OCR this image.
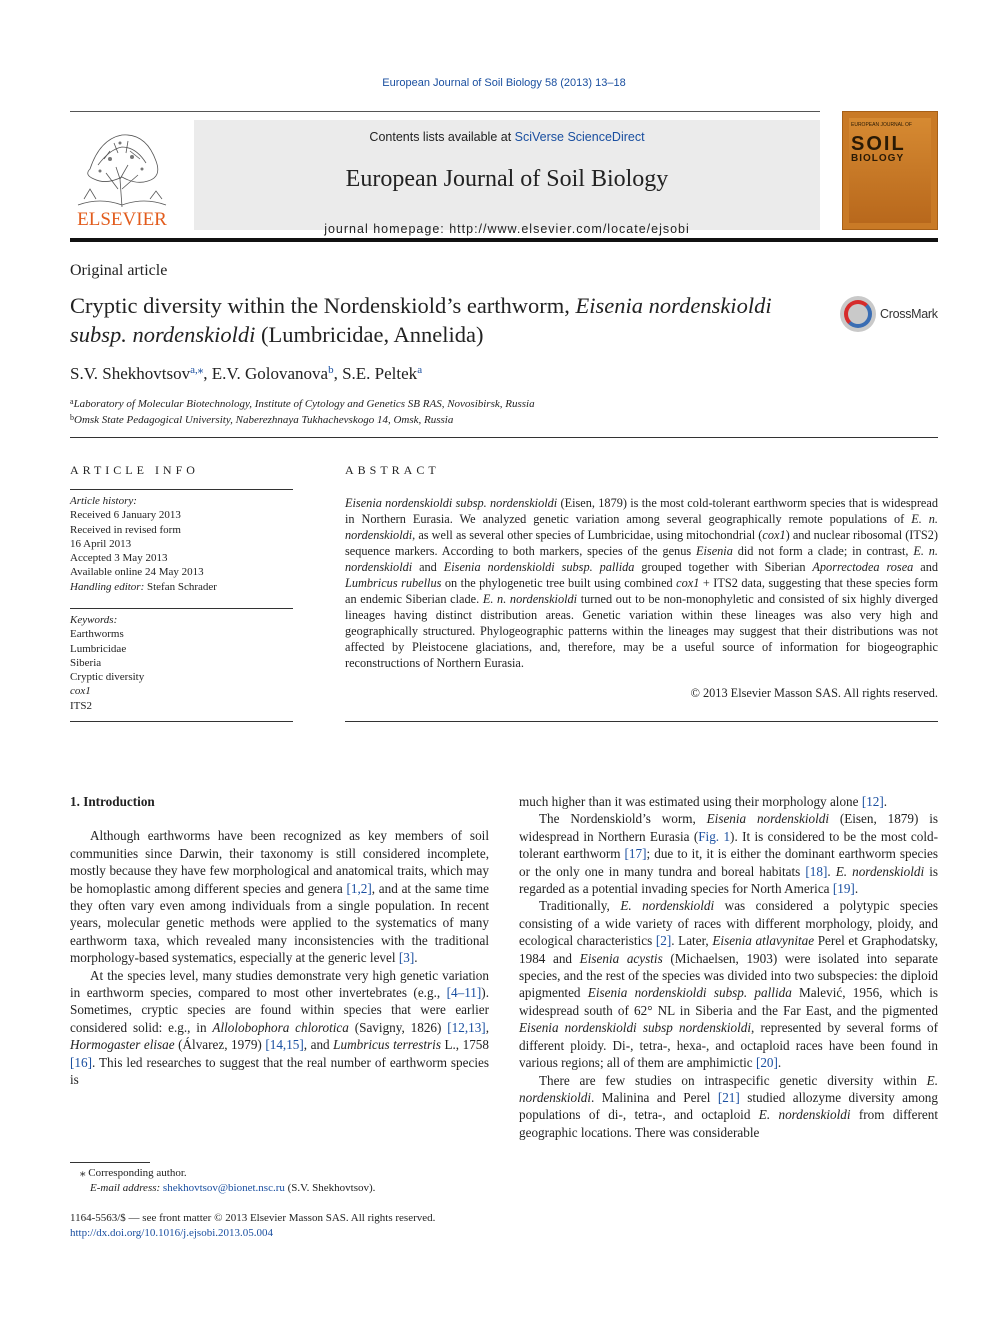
European Journal of Soil Biology 58 (2013) 13–18
ELSEVIER
Contents lists available at SciVerse ScienceDirect
European Journal of Soil Biology
journal homepage: http://www.elsevier.com/locate/ejsobi
EUROPEAN JOURNAL OF
SOIL
BIOLOGY
Original article
Cryptic diversity within the Nordenskiold’s earthworm, Eisenia nordenskioldi subsp. nordenskioldi (Lumbricidae, Annelida)
CrossMark
S.V. Shekhovtsov$^{a,⁎}$, E.V. Golovanova$^b$, S.E. Peltek$^a$
$^a$Laboratory of Molecular Biotechnology, Institute of Cytology and Genetics SB RAS, Novosibirsk, Russia
$^b$Omsk State Pedagogical University, Naberezhnaya Tukhachevskogo 14, Omsk, Russia
ARTICLE INFO
Article history:
Received 6 January 2013
Received in revised form
16 April 2013
Accepted 3 May 2013
Available online 24 May 2013
Handling editor: Stefan Schrader
Keywords:
Earthworms
Lumbricidae
Siberia
Cryptic diversity
cox1
ITS2
ABSTRACT
Eisenia nordenskioldi subsp. nordenskioldi (Eisen, 1879) is the most cold-tolerant earthworm species that is widespread in Northern Eurasia. We analyzed genetic variation among several geographically remote populations of E. n. nordenskioldi, as well as several other species of Lumbricidae, using mitochondrial (cox1) and nuclear ribosomal (ITS2) sequence markers. According to both markers, species of the genus Eisenia did not form a clade; in contrast, E. n. nordenskioldi and Eisenia nordenskioldi subsp. pallida grouped together with Siberian Aporrectodea rosea and Lumbricus rubellus on the phylogenetic tree built using combined cox1 + ITS2 data, suggesting that these species form an endemic Siberian clade. E. n. nordenskioldi turned out to be non-monophyletic and consisted of six highly diverged lineages having distinct distribution areas. Genetic variation within these lineages was also very high and geographically structured. Phylogeographic patterns within the lineages may suggest that their distributions was not affected by Pleistocene glaciations, and, therefore, may be a useful source of information for biogeographic reconstructions of Northern Eurasia.
© 2013 Elsevier Masson SAS. All rights reserved.

1. Introduction

Although earthworms have been recognized as key members of soil communities since Darwin, their taxonomy is still considered incomplete, mostly because they have few morphological and anatomical traits, which may be homoplastic among different species and genera [1,2], and at the same time they often vary even among individuals from a single population. In recent years, molecular genetic methods were applied to the systematics of many earthworm taxa, which revealed many inconsistencies with the traditional morphology-based systematics, especially at the generic level [3].

At the species level, many studies demonstrate very high genetic variation in earthworm species, compared to most other invertebrates (e.g., [4–11]). Sometimes, cryptic species are found within species that were earlier considered solid: e.g., in Allolobophora chlorotica (Savigny, 1826) [12,13], Hormogaster elisae (Álvarez, 1979) [14,15], and Lumbricus terrestris L., 1758 [16]. This led researches to suggest that the real number of earthworm species is

much higher than it was estimated using their morphology alone [12].

The Nordenskiold’s worm, Eisenia nordenskioldi (Eisen, 1879) is widespread in Northern Eurasia (Fig. 1). It is considered to be the most cold-tolerant earthworm [17]; due to it, it is either the dominant earthworm species or the only one in many tundra and boreal habitats [18]. E. nordenskioldi is regarded as a potential invading species for North America [19].

Traditionally, E. nordenskioldi was considered a polytypic species consisting of a wide variety of races with different morphology, ploidy, and ecological characteristics [2]. Later, Eisenia atlavynitae Perel et Graphodatsky, 1984 and Eisenia acystis (Michaelsen, 1903) were isolated into separate species, and the rest of the species was divided into two subspecies: the diploid apigmented Eisenia nordenskioldi subsp. pallida Malević, 1956, which is widespread south of 62° NL in Siberia and the Far East, and the pigmented Eisenia nordenskioldi subsp nordenskioldi, represented by several forms of different ploidy. Di-, tetra-, hexa-, and octaploid races have been found in various regions; all of them are amphimictic [20].

There are few studies on intraspecific genetic diversity within E. nordenskioldi. Malinina and Perel [21] studied allozyme diversity among populations of di-, tetra-, and octaploid E. nordenskioldi from different geographic locations. There was considerable

⁎ Corresponding author.
E-mail address: shekhovtsov@bionet.nsc.ru (S.V. Shekhovtsov).
1164-5563/$ — see front matter © 2013 Elsevier Masson SAS. All rights reserved.
http://dx.doi.org/10.1016/j.ejsobi.2013.05.004
